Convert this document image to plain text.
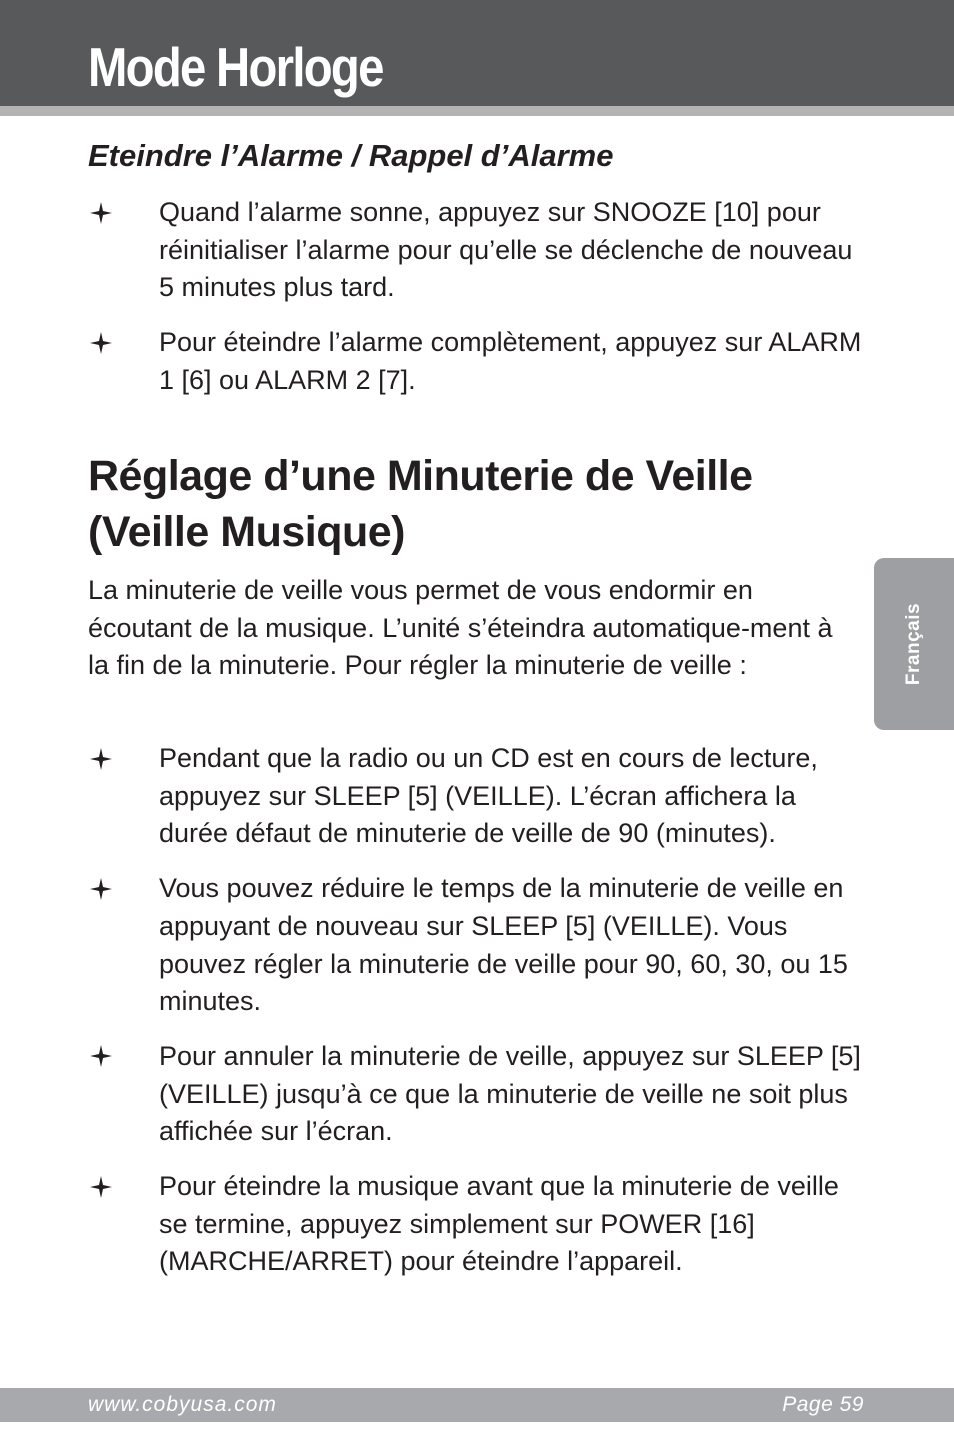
Mode Horloge
Eteindre l’Alarme / Rappel d’Alarme
Quand l’alarme sonne, appuyez sur SNOOZE [10] pour réinitialiser l’alarme pour qu’elle se déclenche de nouveau 5 minutes plus tard.
Pour éteindre l’alarme complètement, appuyez sur ALARM 1 [6] ou ALARM 2 [7].
Réglage d’une Minuterie de Veille (Veille Musique)

La minuterie de veille vous permet de vous endormir en écoutant de la musique. L’unité s’éteindra automatique-ment à la fin de la minuterie. Pour régler la minuterie de veille :

Pendant que la radio ou un CD est en cours de lecture, appuyez sur SLEEP [5] (VEILLE). L’écran affichera la durée défaut de minuterie de veille de 90 (minutes).
Vous pouvez réduire le temps de la minuterie de veille en appuyant de nouveau sur SLEEP [5] (VEILLE). Vous pouvez régler la minuterie de veille pour 90, 60, 30, ou 15 minutes.
Pour annuler la minuterie de veille, appuyez sur SLEEP [5] (VEILLE) jusqu’à ce que la minuterie de veille ne soit plus affichée sur l’écran.
Pour éteindre la musique avant que la minuterie de veille se termine, appuyez simplement sur POWER [16] (MARCHE/ARRET) pour éteindre l’appareil.
Français
www.cobyusa.com	Page 59
